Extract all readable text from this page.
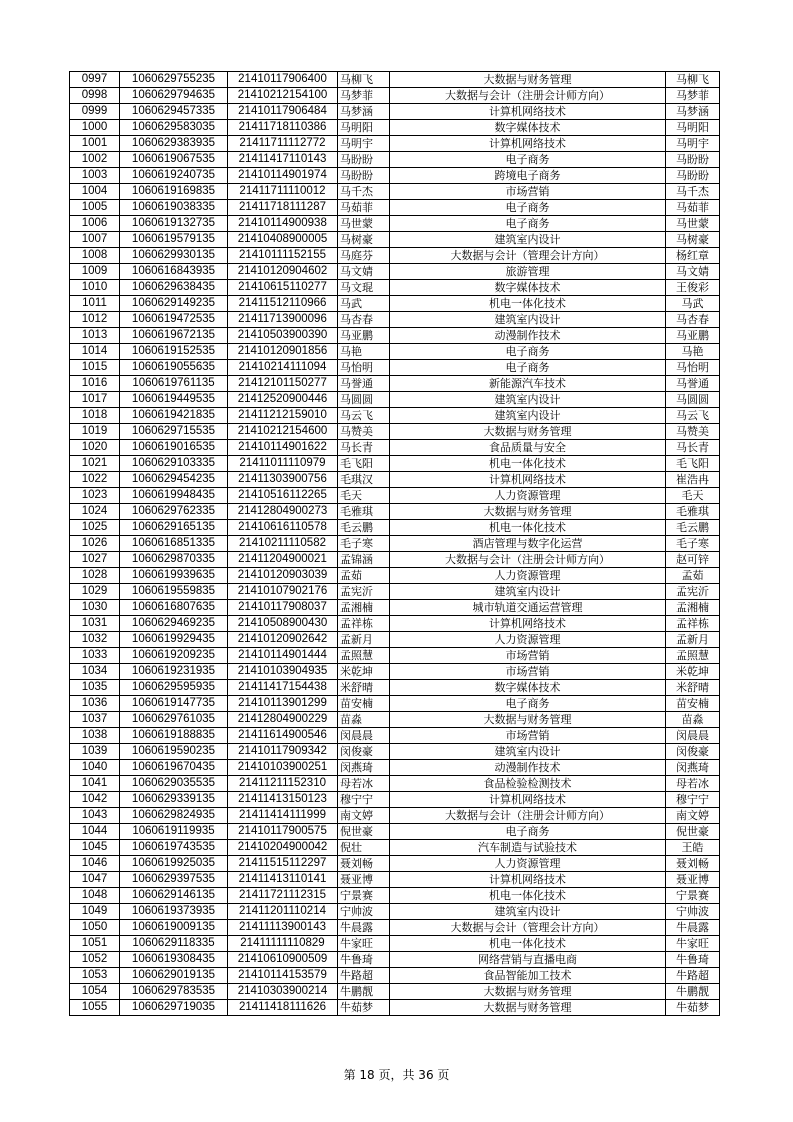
0997	1060629755235	21410117906400	马柳飞	大数据与财务管理	马柳飞
0998	1060629794635	21410212154100	马梦菲	大数据与会计（注册会计师方向）	马梦菲
0999	1060629457335	21410117906484	马梦涵	计算机网络技术	马梦涵
1000	1060629583035	21411718110386	马明阳	数字媒体技术	马明阳
1001	1060629383935	21411711112772	马明宇	计算机网络技术	马明宇
1002	1060619067535	21411417110143	马盼盼	电子商务	马盼盼
1003	1060619240735	21410114901974	马盼盼	跨境电子商务	马盼盼
1004	1060619169835	21411711110012	马千杰	市场营销	马千杰
1005	1060619038335	21411718111287	马茹菲	电子商务	马茹菲
1006	1060619132735	21410114900938	马世蒙	电子商务	马世蒙
1007	1060619579135	21410408900005	马树豪	建筑室内设计	马树豪
1008	1060629930135	21410111152155	马庭芬	大数据与会计（管理会计方向）	杨红章
1009	1060616843935	21410120904602	马文婧	旅游管理	马文婧
1010	1060629638435	21410615110277	马文琨	数字媒体技术	王俊彩
1011	1060629149235	21411512110966	马武	机电一体化技术	马武
1012	1060619472535	21411713900096	马杏春	建筑室内设计	马杏春
1013	1060619672135	21410503900390	马亚鹏	动漫制作技术	马亚鹏
1014	1060619152535	21410120901856	马艳	电子商务	马艳
1015	1060619055635	21410214111094	马怡明	电子商务	马怡明
1016	1060619761135	21412101150277	马誉通	新能源汽车技术	马誉通
1017	1060619449535	21412520900446	马圆圆	建筑室内设计	马圆圆
1018	1060619421835	21411212159010	马云飞	建筑室内设计	马云飞
1019	1060629715535	21410212154600	马赞美	大数据与财务管理	马赞美
1020	1060619016535	21410114901622	马长青	食品质量与安全	马长青
1021	1060629103335	21411011110979	毛飞阳	机电一体化技术	毛飞阳
1022	1060629454235	21411303900756	毛琪汉	计算机网络技术	崔浩冉
1023	1060619948435	21410516112265	毛天	人力资源管理	毛天
1024	1060629762335	21412804900273	毛雅琪	大数据与财务管理	毛雅琪
1025	1060629165135	21410616110578	毛云鹏	机电一体化技术	毛云鹏
1026	1060616851335	21410211110582	毛子寒	酒店管理与数字化运营	毛子寒
1027	1060629870335	21411204900021	孟锦涵	大数据与会计（注册会计师方向）	赵可锌
1028	1060619939635	21410120903039	孟茹	人力资源管理	孟茹
1029	1060619559835	21410107902176	孟宪沂	建筑室内设计	孟宪沂
1030	1060616807635	21410117908037	孟湘楠	城市轨道交通运营管理	孟湘楠
1031	1060629469235	21410508900430	孟祥栋	计算机网络技术	孟祥栋
1032	1060619929435	21410120902642	孟新月	人力资源管理	孟新月
1033	1060619209235	21410114901444	孟照慧	市场营销	孟照慧
1034	1060619231935	21410103904935	米乾坤	市场营销	米乾坤
1035	1060629595935	21411417154438	米舒晴	数字媒体技术	米舒晴
1036	1060619147735	21410113901299	苗安楠	电子商务	苗安楠
1037	1060629761035	21412804900229	苗淼	大数据与财务管理	苗淼
1038	1060619188835	21411614900546	闵晨晨	市场营销	闵晨晨
1039	1060619590235	21410117909342	闵俊豪	建筑室内设计	闵俊豪
1040	1060619670435	21410103900251	闵燕琦	动漫制作技术	闵燕琦
1041	1060629035535	21411211152310	母若冰	食品检验检测技术	母若冰
1042	1060629339135	21411413150123	穆宁宁	计算机网络技术	穆宁宁
1043	1060629824935	21411414111999	南文婷	大数据与会计（注册会计师方向）	南文婷
1044	1060619119935	21410117900575	倪世豪	电子商务	倪世豪
1045	1060619743535	21410204900042	倪壮	汽车制造与试验技术	王皓
1046	1060619925035	21411515112297	聂刘畅	人力资源管理	聂刘畅
1047	1060629397535	21411413110141	聂亚博	计算机网络技术	聂亚博
1048	1060629146135	21411721112315	宁景赛	机电一体化技术	宁景赛
1049	1060619373935	21411201110214	宁帅波	建筑室内设计	宁帅波
1050	1060619009135	21411113900143	牛晨露	大数据与会计（管理会计方向）	牛晨露
1051	1060629118335	21411111110829	牛家旺	机电一体化技术	牛家旺
1052	1060619308435	21410610900509	牛鲁琦	网络营销与直播电商	牛鲁琦
1053	1060629019135	21410114153579	牛路超	食品智能加工技术	牛路超
1054	1060629783535	21410303900214	牛鹏靓	大数据与财务管理	牛鹏靓
1055	1060629719035	21411418111626	牛茹梦	大数据与财务管理	牛茹梦
第 18 页，共 36 页
